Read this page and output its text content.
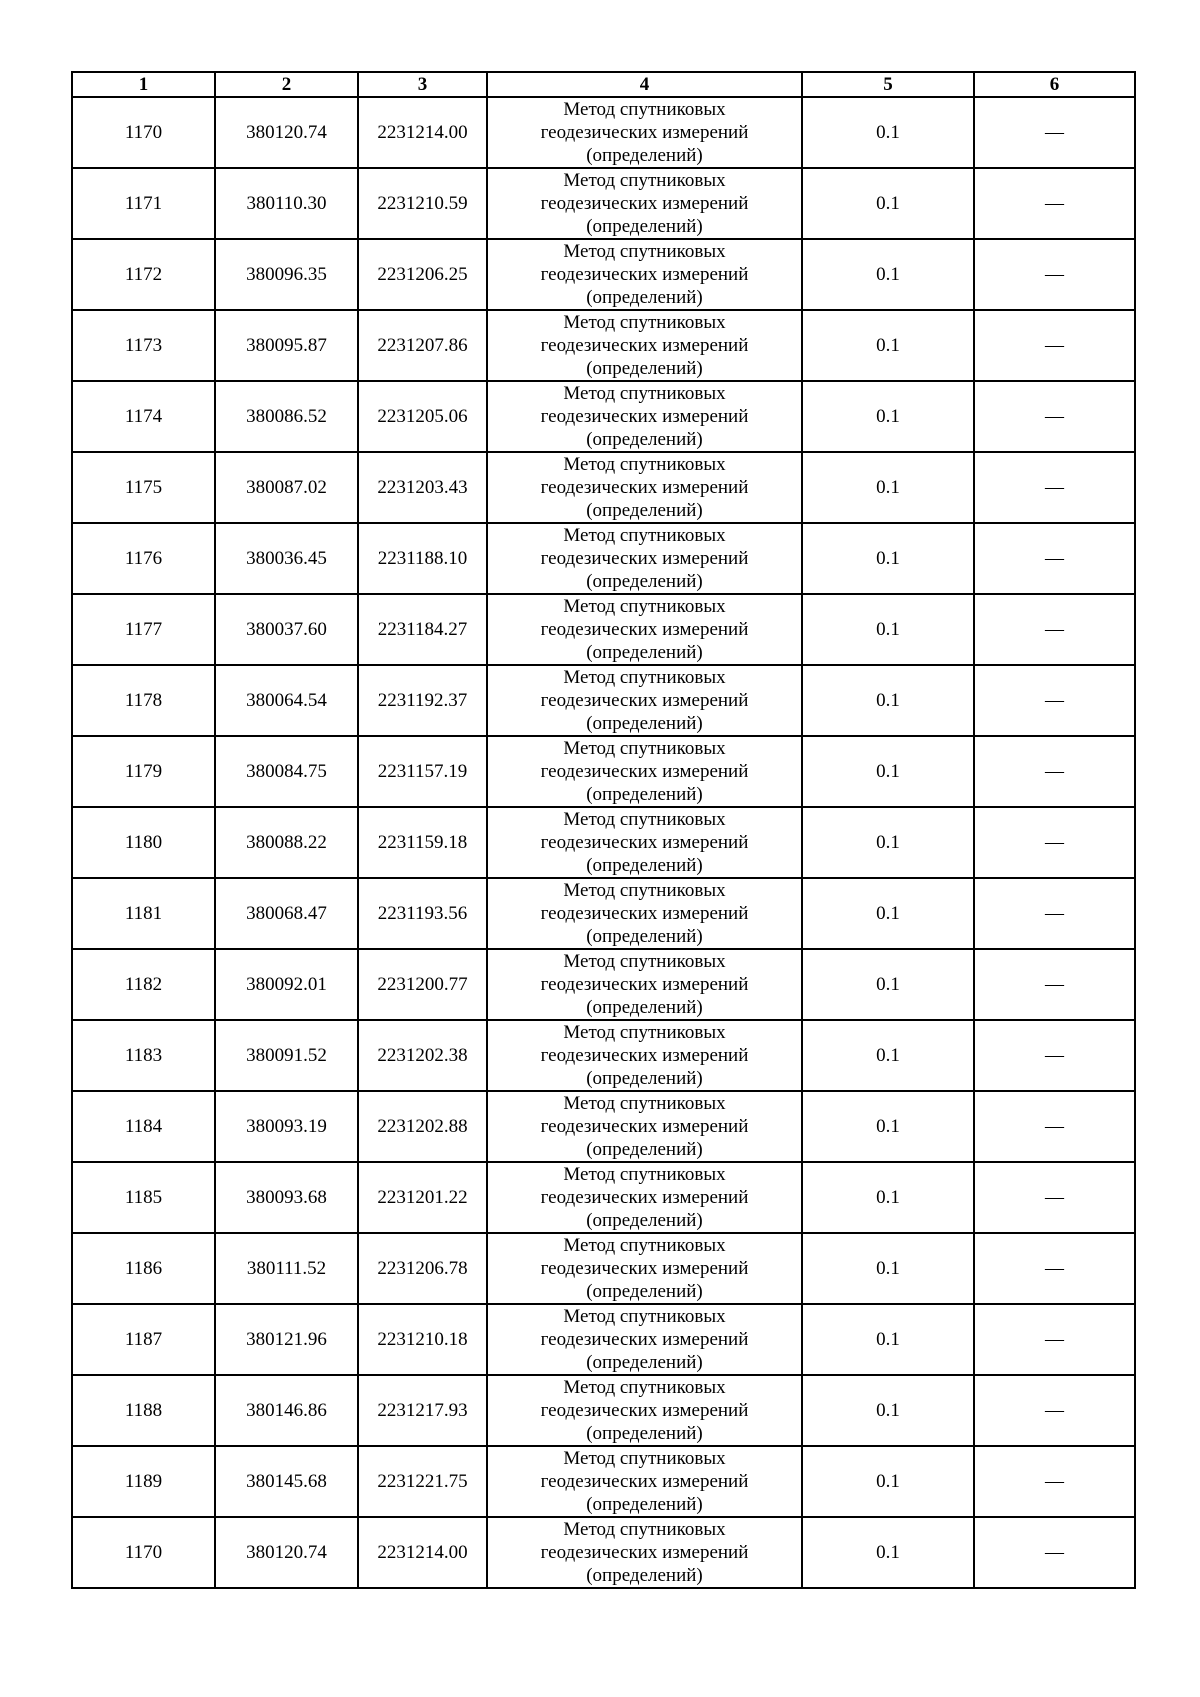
1	2	3	4	5	6
1170	380120.74	2231214.00	Метод спутниковыхгеодезических измерений(определений)	0.1	—
1171	380110.30	2231210.59	Метод спутниковыхгеодезических измерений(определений)	0.1	—
1172	380096.35	2231206.25	Метод спутниковыхгеодезических измерений(определений)	0.1	—
1173	380095.87	2231207.86	Метод спутниковыхгеодезических измерений(определений)	0.1	—
1174	380086.52	2231205.06	Метод спутниковыхгеодезических измерений(определений)	0.1	—
1175	380087.02	2231203.43	Метод спутниковыхгеодезических измерений(определений)	0.1	—
1176	380036.45	2231188.10	Метод спутниковыхгеодезических измерений(определений)	0.1	—
1177	380037.60	2231184.27	Метод спутниковыхгеодезических измерений(определений)	0.1	—
1178	380064.54	2231192.37	Метод спутниковыхгеодезических измерений(определений)	0.1	—
1179	380084.75	2231157.19	Метод спутниковыхгеодезических измерений(определений)	0.1	—
1180	380088.22	2231159.18	Метод спутниковыхгеодезических измерений(определений)	0.1	—
1181	380068.47	2231193.56	Метод спутниковыхгеодезических измерений(определений)	0.1	—
1182	380092.01	2231200.77	Метод спутниковыхгеодезических измерений(определений)	0.1	—
1183	380091.52	2231202.38	Метод спутниковыхгеодезических измерений(определений)	0.1	—
1184	380093.19	2231202.88	Метод спутниковыхгеодезических измерений(определений)	0.1	—
1185	380093.68	2231201.22	Метод спутниковыхгеодезических измерений(определений)	0.1	—
1186	380111.52	2231206.78	Метод спутниковыхгеодезических измерений(определений)	0.1	—
1187	380121.96	2231210.18	Метод спутниковыхгеодезических измерений(определений)	0.1	—
1188	380146.86	2231217.93	Метод спутниковыхгеодезических измерений(определений)	0.1	—
1189	380145.68	2231221.75	Метод спутниковыхгеодезических измерений(определений)	0.1	—
1170	380120.74	2231214.00	Метод спутниковыхгеодезических измерений(определений)	0.1	—
